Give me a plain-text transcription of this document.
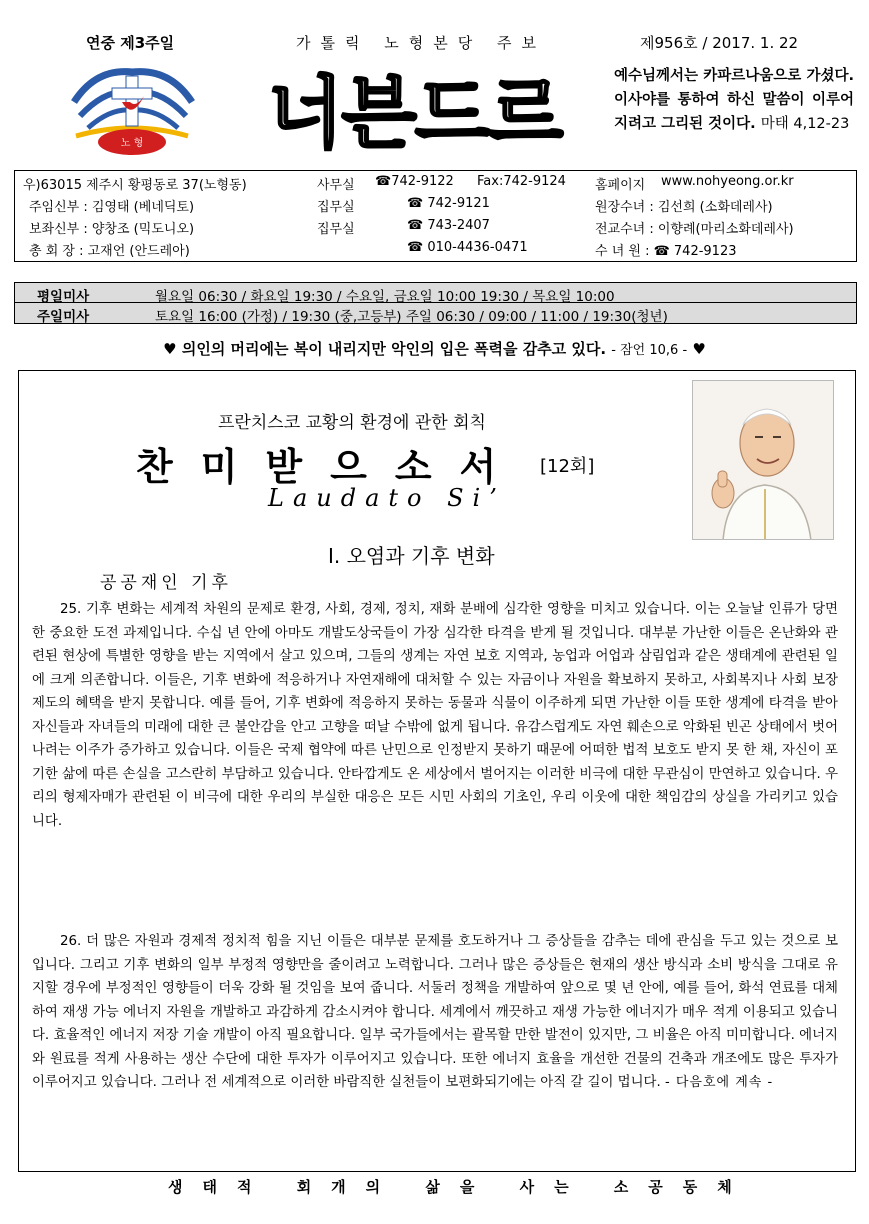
연중 제3주일	가톨릭 노형본당 주보	제956호 / 2017. 1. 22
노 형 너븐드르	예수님께서는 카파르나움으로 가셨다. 이사야를 통하여 하신 말씀이 이루어지려고 그리된 것이다. 마태 4,12-23
우)63015 제주시 황평동로 37(노형동)	사무실 ☎742-9122 Fax:742-9124 홈페이지 www.nohyeong.or.kr
주임신부 : 김영태 (베네딕토)	집무실	☎ 742-9121	원장수녀 : 김선희 (소화데레사)
보좌신부 : 양창조 (믹도니오)	집무실	☎ 743-2407	전교수녀 : 이향례(마리소화데레사)
총 회 장 : 고재언 (안드레아)	☎ 010-4436-0471	수 녀 원 : ☎ 742-9123
평일미사	월요일 06:30 / 화요일 19:30 / 수요일, 금요일 10:00 19:30 / 목요일 10:00
주일미사	토요일 16:00 (가정) / 19:30 (중,고등부) 주일 06:30 / 09:00 / 11:00 / 19:30(청년)
♥ 의인의 머리에는 복이 내리지만 악인의 입은 폭력을 감추고 있다. - 잠언 10,6 - ♥
프란치스코 교황의 환경에 관한 회칙
찬미받으소서 [12회]
Laudato Si’
Ⅰ. 오염과 기후 변화
공공재인 기후

25. 기후 변화는 세계적 차원의 문제로 환경, 사회, 경제, 정치, 재화 분배에 심각한 영향을 미치고 있습니다. 이는 오늘날 인류가 당면한 중요한 도전 과제입니다. 수십 년 안에 아마도 개발도상국들이 가장 심각한 타격을 받게 될 것입니다. 대부분 가난한 이들은 온난화와 관련된 현상에 특별한 영향을 받는 지역에서 살고 있으며, 그들의 생계는 자연 보호 지역과, 농업과 어업과 삼림업과 같은 생태계에 관련된 일에 크게 의존합니다. 이들은, 기후 변화에 적응하거나 자연재해에 대처할 수 있는 자금이나 자원을 확보하지 못하고, 사회복지나 사회 보장 제도의 혜택을 받지 못합니다. 예를 들어, 기후 변화에 적응하지 못하는 동물과 식물이 이주하게 되면 가난한 이들 또한 생계에 타격을 받아 자신들과 자녀들의 미래에 대한 큰 불안감을 안고 고향을 떠날 수밖에 없게 됩니다. 유감스럽게도 자연 훼손으로 악화된 빈곤 상태에서 벗어나려는 이주가 증가하고 있습니다. 이들은 국제 협약에 따른 난민으로 인정받지 못하기 때문에 어떠한 법적 보호도 받지 못 한 채, 자신이 포기한 삶에 따른 손실을 고스란히 부담하고 있습니다. 안타깝게도 온 세상에서 벌어지는 이러한 비극에 대한 무관심이 만연하고 있습니다. 우리의 형제자매가 관련된 이 비극에 대한 우리의 부실한 대응은 모든 시민 사회의 기초인, 우리 이웃에 대한 책임감의 상실을 가리키고 있습니다.

26. 더 많은 자원과 경제적 정치적 힘을 지닌 이들은 대부분 문제를 호도하거나 그 증상들을 감추는 데에 관심을 두고 있는 것으로 보입니다. 그리고 기후 변화의 일부 부정적 영향만을 줄이려고 노력합니다. 그러나 많은 증상들은 현재의 생산 방식과 소비 방식을 그대로 유지할 경우에 부정적인 영향들이 더욱 강화 될 것임을 보여 줍니다. 서둘러 정책을 개발하여 앞으로 몇 년 안에, 예를 들어, 화석 연료를 대체하여 재생 가능 에너지 자원을 개발하고 과감하게 감소시켜야 합니다. 세계에서 깨끗하고 재생 가능한 에너지가 매우 적게 이용되고 있습니다. 효율적인 에너지 저장 기술 개발이 아직 필요합니다. 일부 국가들에서는 괄목할 만한 발전이 있지만, 그 비율은 아직 미미합니다. 에너지와 원료를 적게 사용하는 생산 수단에 대한 투자가 이루어지고 있습니다. 또한 에너지 효율을 개선한 건물의 건축과 개조에도 많은 투자가 이루어지고 있습니다. 그러나 전 세계적으로 이러한 바람직한 실천들이 보편화되기에는 아직 갈 길이 멉니다. - 다음호에 계속 -

생태적 회개의 삶을 사는 소공동체
